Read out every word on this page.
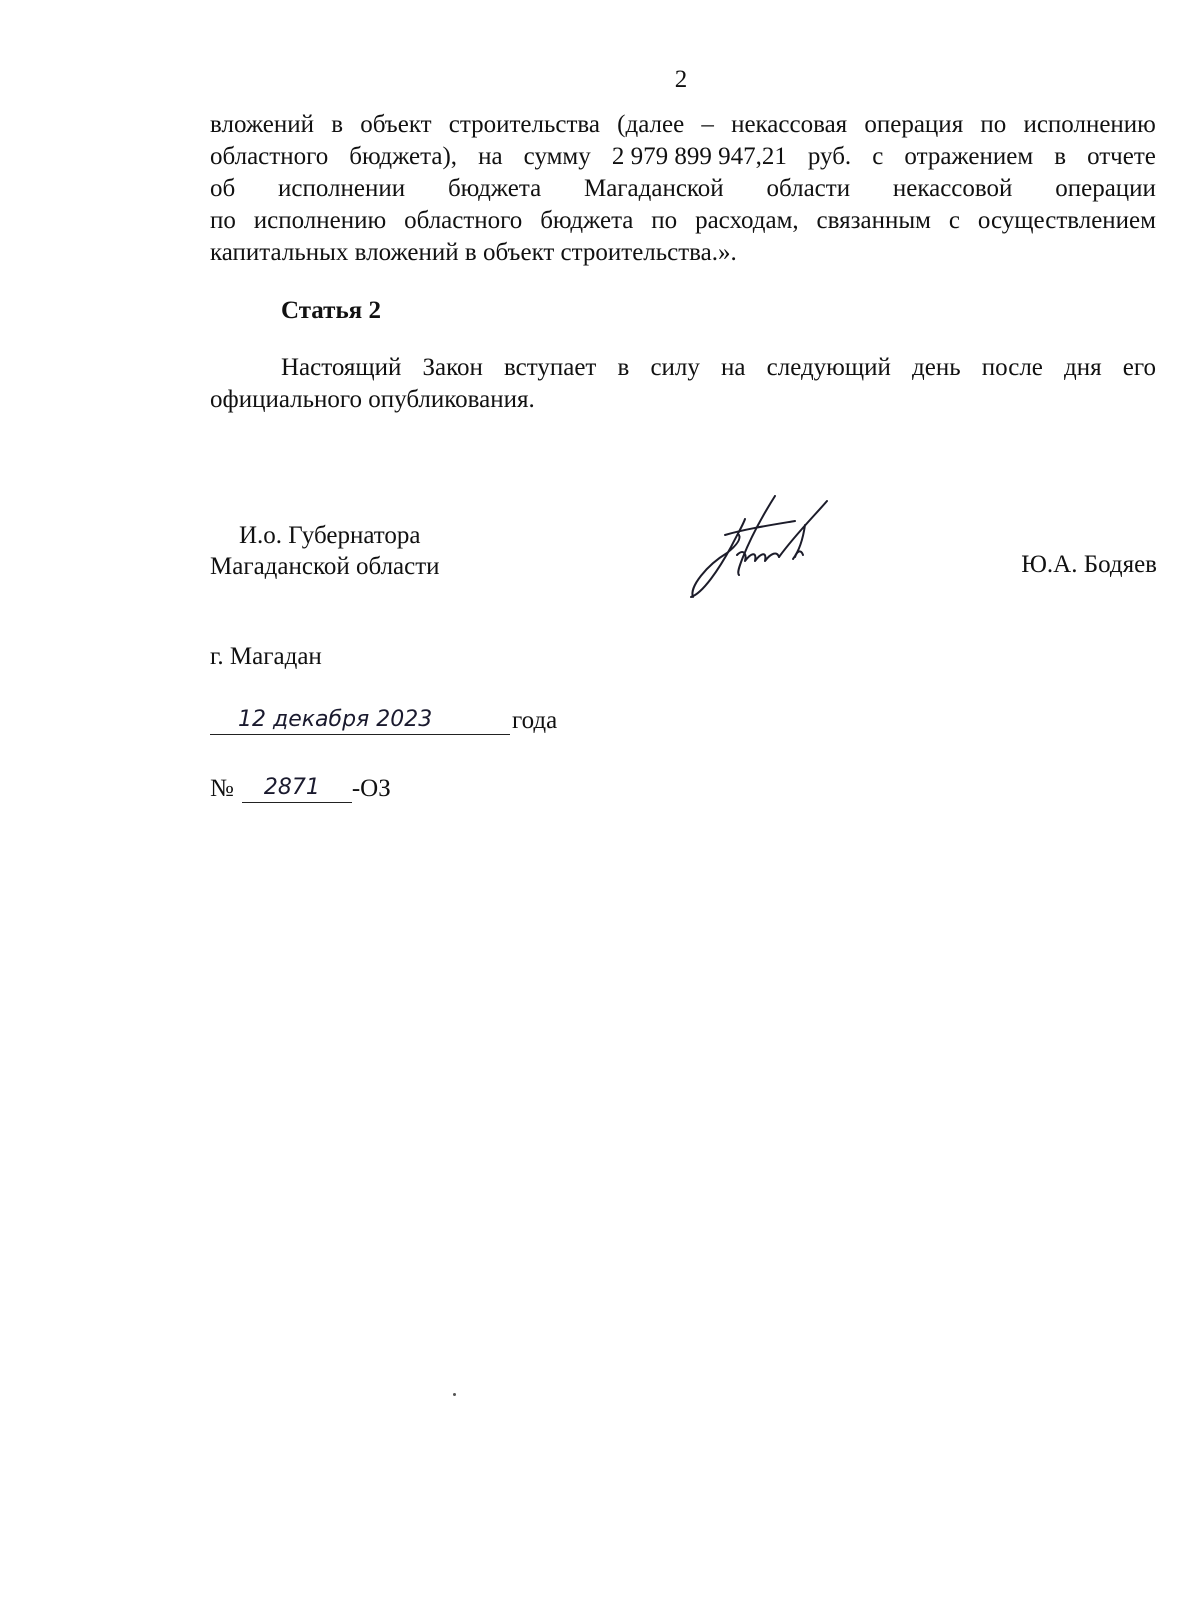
2
вложений в объект строительства (далее – некассовая операция по исполнению
областного бюджета), на сумму 2 979 899 947,21 руб. с отражением в отчете
об исполнении бюджета Магаданской области некассовой операции
по исполнению областного бюджета по расходам, связанным с осуществлением
капитальных вложений в объект строительства.».
Статья 2
Настоящий Закон вступает в силу на следующий день после дня его
официального опубликования.
И.о. Губернатора
Магаданской области	Ю.А. Бодяев
г. Магадан
12 декабря 2023	года
№ 2871 -ОЗ
